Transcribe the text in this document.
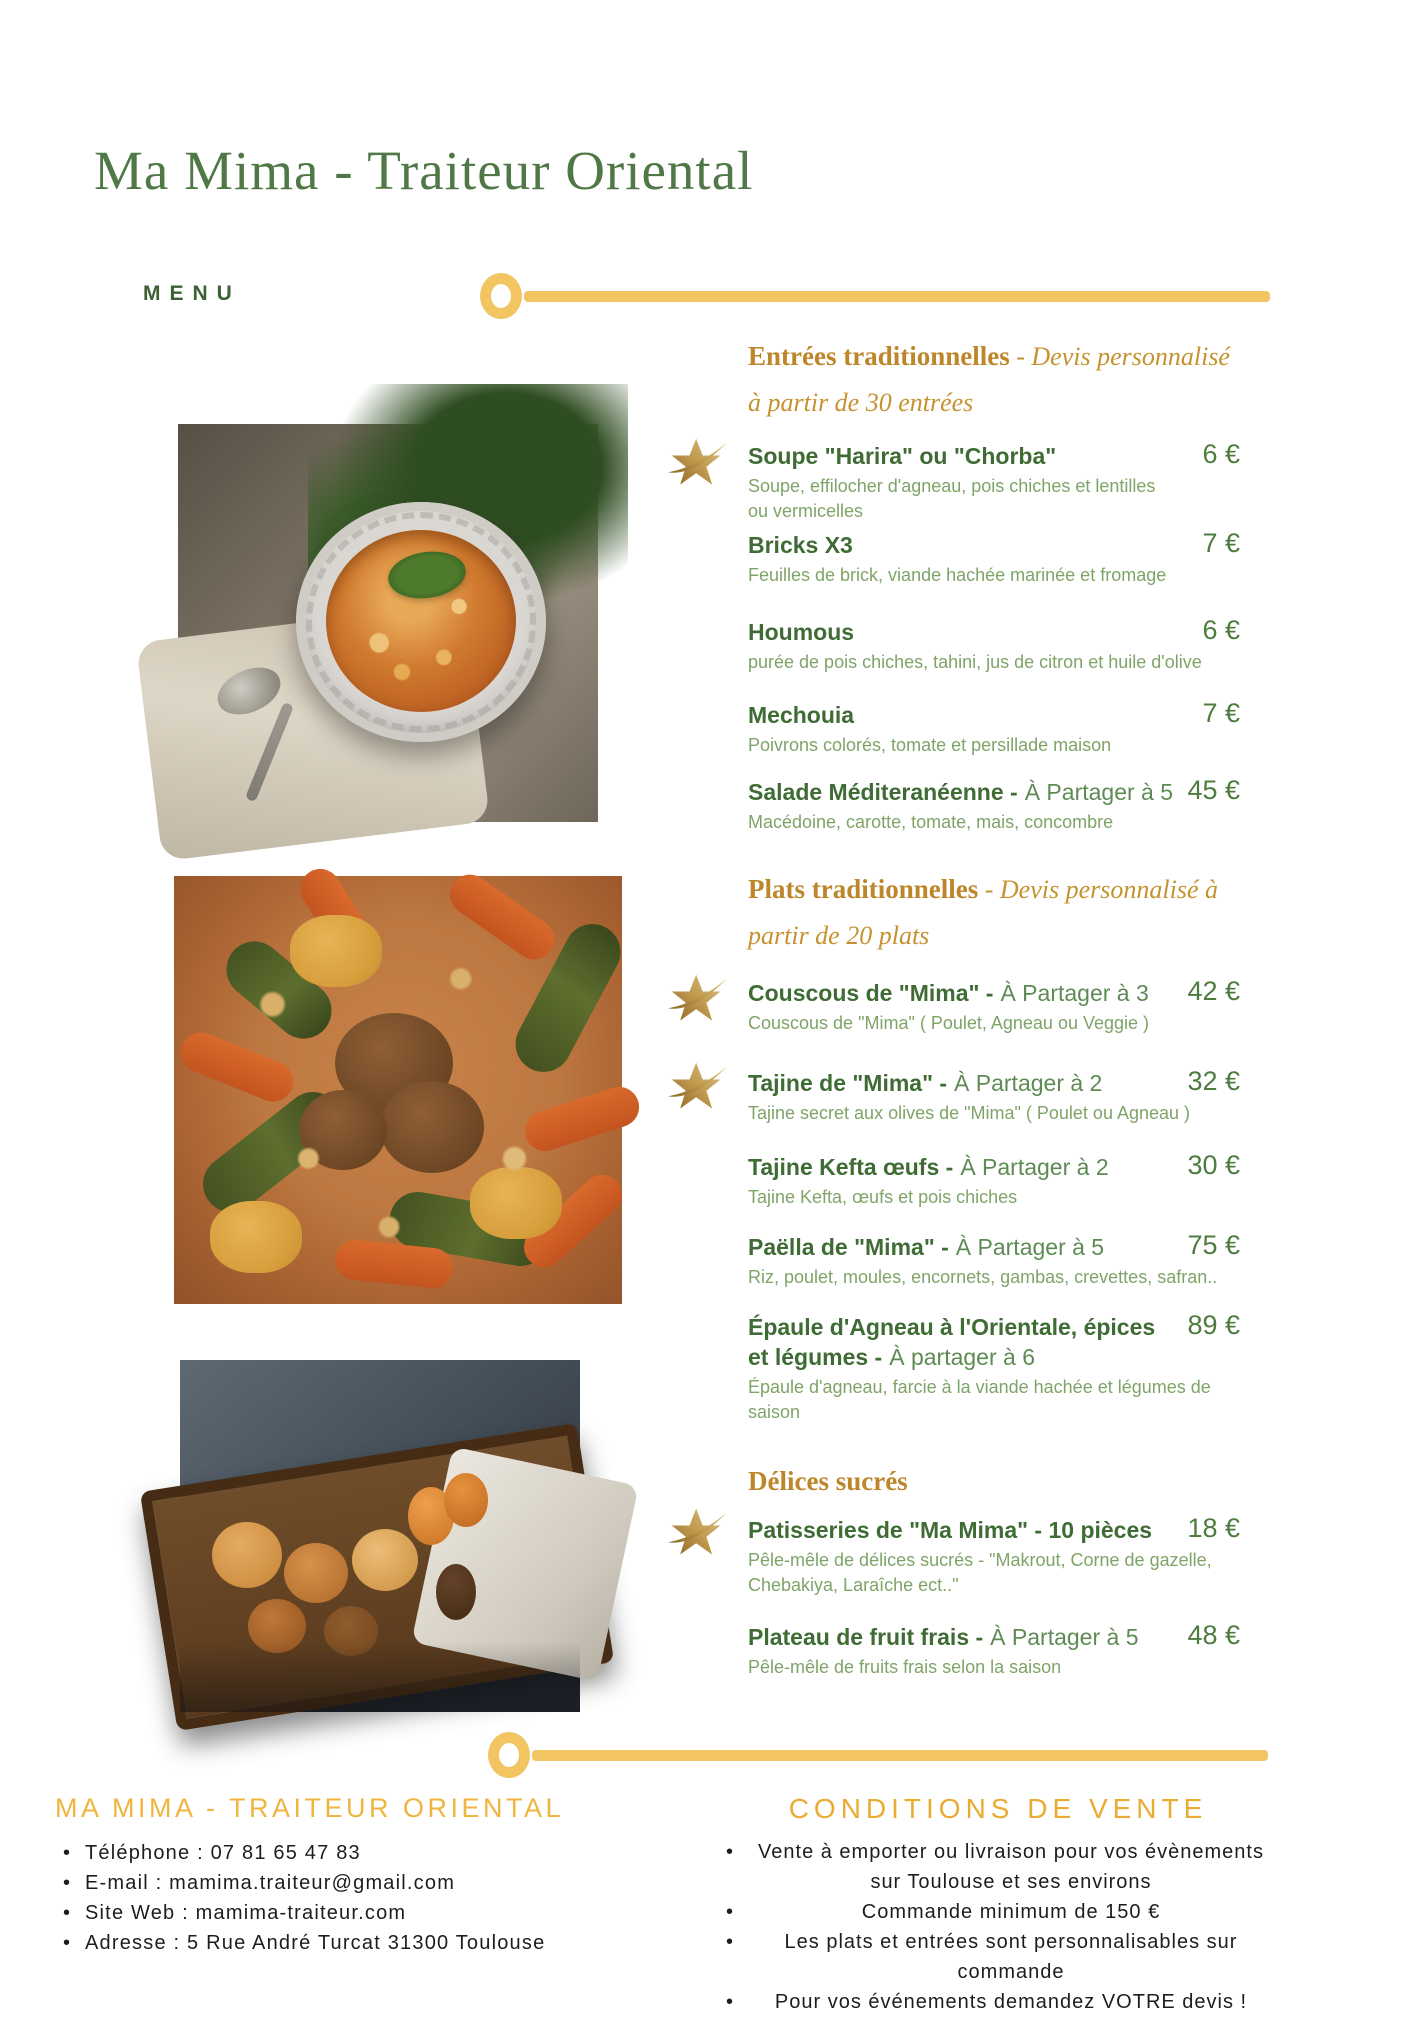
Ma Mima - Traiteur Oriental
MENU
Entrées traditionnelles - Devis personnalisé
à partir de 30 entrées
6 €
Soupe "Harira" ou "Chorba"
Soupe, effilocher d'agneau, pois chiches et lentilles ou vermicelles
7 €
Bricks X3
Feuilles de brick, viande hachée marinée et fromage
6 €
Houmous
purée de pois chiches, tahini, jus de citron et huile d'olive
7 €
Mechouia
Poivrons colorés, tomate et persillade maison
45 €
Salade Méditeranéenne - À Partager à 5
Macédoine, carotte, tomate, mais, concombre
Plats traditionnelles - Devis personnalisé à
partir de 20 plats
42 €
Couscous de "Mima" - À Partager à 3
Couscous de "Mima" ( Poulet, Agneau ou Veggie )
32 €
Tajine de "Mima" - À Partager à 2
Tajine secret aux olives de "Mima" ( Poulet ou Agneau )
30 €
Tajine Kefta œufs - À Partager à 2
Tajine Kefta, œufs et pois chiches
75 €
Paëlla de "Mima" - À Partager à 5
Riz, poulet, moules, encornets, gambas, crevettes, safran..
89 €
Épaule d'Agneau à l'Orientale, épices et légumes - À partager à 6
Épaule d'agneau, farcie à la viande hachée et légumes de saison
Délices sucrés
18 €
Patisseries de "Ma Mima" - 10 pièces
Pêle-mêle de délices sucrés - "Makrout, Corne de gazelle, Chebakiya, Laraîche ect.."
48 €
Plateau de fruit frais - À Partager à 5
Pêle-mêle de fruits frais selon la saison
MA MIMA - TRAITEUR ORIENTAL
• Téléphone : 07 81 65 47 83
• E-mail : mamima.traiteur@gmail.com
• Site Web : mamima-traiteur.com
• Adresse : 5 Rue André Turcat 31300 Toulouse
CONDITIONS DE VENTE
• Vente à emporter ou livraison pour vos évènements sur Toulouse et ses environs
• Commande minimum de 150 €
• Les plats et entrées sont personnalisables sur commande
• Pour vos événements demandez VOTRE devis !
